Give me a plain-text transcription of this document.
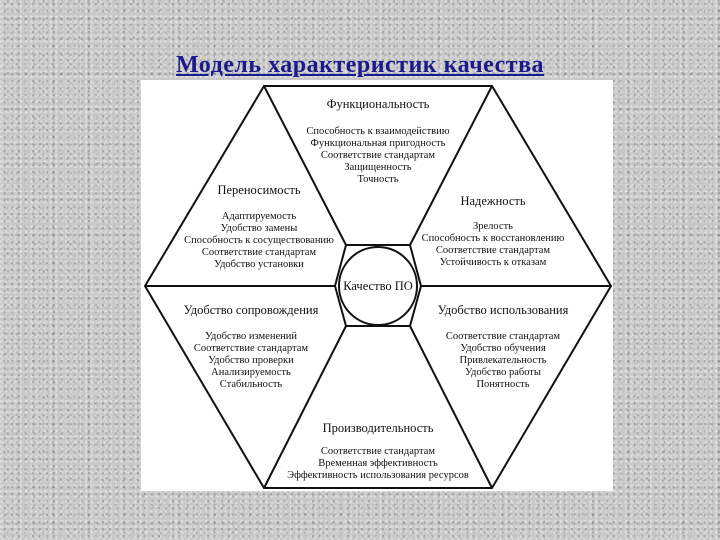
Модель характеристик качества
Качество ПО
Функциональность
Способность к взаимодействию
Функциональная пригодность
Соответствие стандартам
Защищенность
Точность
Надежность
Зрелость
Способность к восстановлению
Соответствие стандартам
Устойчивость к отказам
Удобство использования
Соответствие стандартам
Удобство обучения
Привлекательность
Удобство работы
Понятность
Производительность
Соответствие стандартам
Временная эффективность
Эффективность использования ресурсов
Удобство сопровождения
Удобство изменений
Соответствие стандартам
Удобство проверки
Анализируемость
Стабильность
Переносимость
Адаптируемость
Удобство замены
Способность к сосуществованию
Соответствие стандартам
Удобство установки
